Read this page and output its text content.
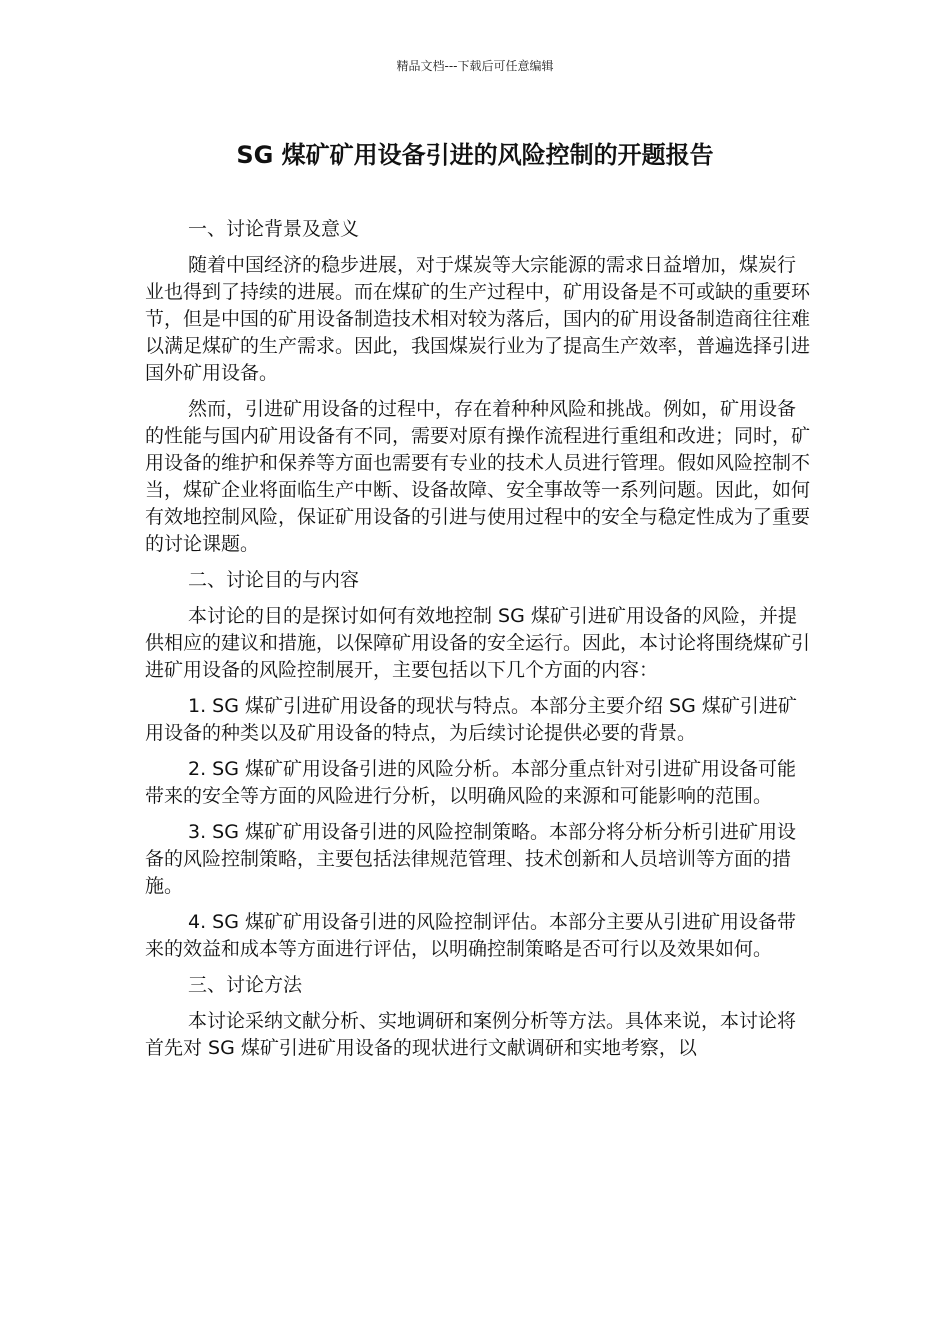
精品文档---下载后可任意编辑
SG 煤矿矿用设备引进的风险控制的开题报告

一、讨论背景及意义

随着中国经济的稳步进展，对于煤炭等大宗能源的需求日益增加，煤炭行业也得到了持续的进展。而在煤矿的生产过程中，矿用设备是不可或缺的重要环节，但是中国的矿用设备制造技术相对较为落后，国内的矿用设备制造商往往难以满足煤矿的生产需求。因此，我国煤炭行业为了提高生产效率，普遍选择引进国外矿用设备。

然而，引进矿用设备的过程中，存在着种种风险和挑战。例如，矿用设备的性能与国内矿用设备有不同，需要对原有操作流程进行重组和改进；同时，矿用设备的维护和保养等方面也需要有专业的技术人员进行管理。假如风险控制不当，煤矿企业将面临生产中断、设备故障、安全事故等一系列问题。因此，如何有效地控制风险，保证矿用设备的引进与使用过程中的安全与稳定性成为了重要的讨论课题。

二、讨论目的与内容

本讨论的目的是探讨如何有效地控制 SG 煤矿引进矿用设备的风险，并提供相应的建议和措施，以保障矿用设备的安全运行。因此，本讨论将围绕煤矿引进矿用设备的风险控制展开，主要包括以下几个方面的内容：

1. SG 煤矿引进矿用设备的现状与特点。本部分主要介绍 SG 煤矿引进矿用设备的种类以及矿用设备的特点，为后续讨论提供必要的背景。

2. SG 煤矿矿用设备引进的风险分析。本部分重点针对引进矿用设备可能带来的安全等方面的风险进行分析，以明确风险的来源和可能影响的范围。

3. SG 煤矿矿用设备引进的风险控制策略。本部分将分析分析引进矿用设备的风险控制策略，主要包括法律规范管理、技术创新和人员培训等方面的措施。

4. SG 煤矿矿用设备引进的风险控制评估。本部分主要从引进矿用设备带来的效益和成本等方面进行评估，以明确控制策略是否可行以及效果如何。

三、讨论方法

本讨论采纳文献分析、实地调研和案例分析等方法。具体来说，本讨论将首先对 SG 煤矿引进矿用设备的现状进行文献调研和实地考察，以
